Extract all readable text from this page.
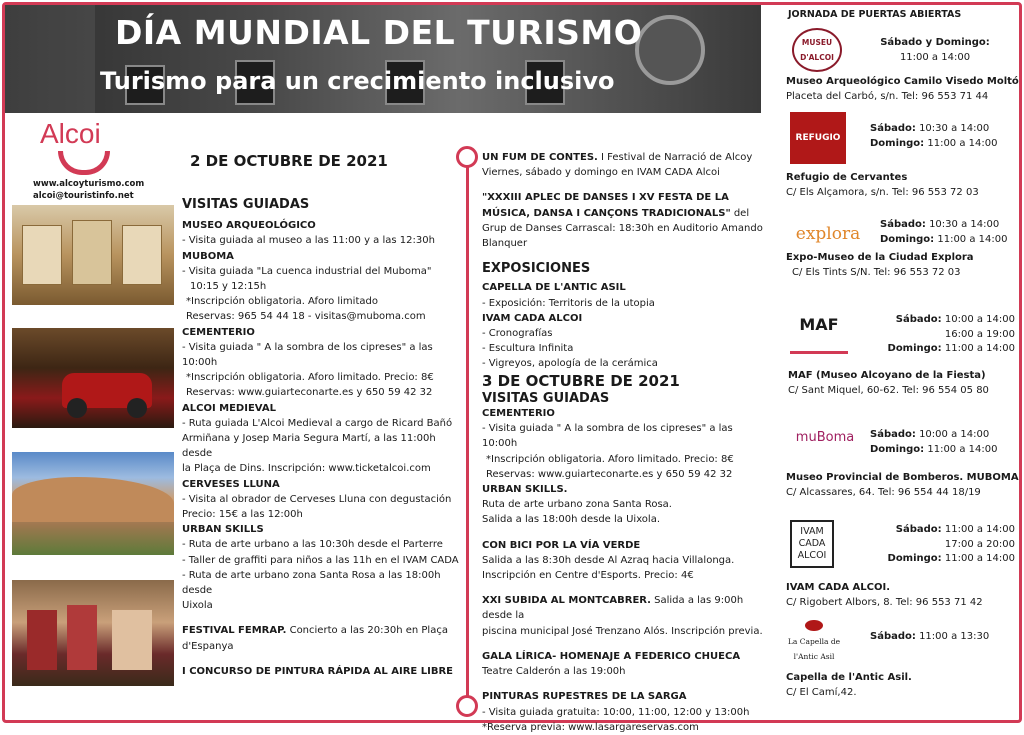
DÍA MUNDIAL DEL TURISMO
Turismo para un crecimiento inclusivo
Alcoi
www.alcoyturismo.com
alcoi@touristinfo.net
2 DE OCTUBRE DE 2021
VISITAS GUIADAS
MUSEO ARQUEOLÓGICO
- Visita guiada al museo a las 11:00 y a las 12:30h
MUBOMA
- Visita guiada "La cuenca industrial del Muboma"
10:15 y 12:15h
*Inscripción obligatoria. Aforo limitado
Reservas: 965 54 44 18 - visitas@muboma.com
CEMENTERIO
- Visita guiada " A la sombra de los cipreses" a las 10:00h
*Inscripción obligatoria. Aforo limitado. Precio: 8€
Reservas: www.guiarteconarte.es y 650 59 42 32
ALCOI MEDIEVAL
- Ruta guiada L'Alcoi Medieval a cargo de Ricard Bañó
Armiñana y Josep Maria Segura Martí, a las 11:00h desde
la Plaça de Dins. Inscripción: www.ticketalcoi.com
CERVESES LLUNA
- Visita al obrador de Cerveses Lluna con degustación
Precio: 15€ a las 12:00h
URBAN SKILLS
- Ruta de arte urbano a las 10:30h desde el Parterre
- Taller de graffiti para niños a las 11h en el IVAM CADA
- Ruta de arte urbano zona Santa Rosa a las 18:00h desde
Uixola
FESTIVAL FEMRAP. Concierto a las 20:30h en Plaça
d'Espanya
I CONCURSO DE PINTURA RÁPIDA AL AIRE LIBRE
UN FUM DE CONTES. I Festival de Narració de Alcoy
Viernes, sábado y domingo en IVAM CADA Alcoi
"XXXIII APLEC DE DANSES I XV FESTA DE LA MÚSICA, DANSA I CANÇONS TRADICIONALS" del Grup de Danses Carrascal: 18:30h en Auditorio Amando Blanquer
EXPOSICIONES
CAPELLA DE L'ANTIC ASIL
- Exposición: Territoris de la utopia
IVAM CADA ALCOI
- Cronografías
- Escultura Infinita
- Vigreyos, apología de la cerámica
3 DE OCTUBRE DE 2021
VISITAS GUIADAS
CEMENTERIO
- Visita guiada " A la sombra de los cipreses" a las 10:00h
*Inscripción obligatoria. Aforo limitado. Precio: 8€
Reservas: www.guiarteconarte.es y 650 59 42 32
URBAN SKILLS.
Ruta de arte urbano zona Santa Rosa.
Salida a las 18:00h desde la Uixola.
CON BICI POR LA VÍA VERDE
Salida a las 8:30h desde Al Azraq hacia Villalonga.
Inscripción en Centre d'Esports. Precio: 4€
XXI SUBIDA AL MONTCABRER. Salida a las 9:00h desde la
piscina municipal José Trenzano Alós. Inscripción previa.
GALA LÍRICA- HOMENAJE A FEDERICO CHUECA
Teatre Calderón a las 19:00h
PINTURAS RUPESTRES DE LA SARGA
- Visita guiada gratuita: 10:00, 11:00, 12:00 y 13:00h
*Reserva previa: www.lasargareservas.com
JORNADA DE PUERTAS ABIERTAS
MUSEU D'ALCOI
Sábado y Domingo:
11:00 a 14:00
Museo Arqueológico Camilo Visedo Moltó
Placeta del Carbó, s/n. Tel: 96 553 71 44
REFUGIO
Sábado: 10:30 a 14:00
Domingo: 11:00 a 14:00
Refugio de Cervantes
C/ Els Alçamora, s/n. Tel: 96 553 72 03
explora	Sábado: 10:30 a 14:00
Domingo: 11:00 a 14:00
Expo-Museo de la Ciudad Explora
C/ Els Tints S/N. Tel: 96 553 72 03
MAF	Sábado: 10:00 a 14:00
16:00 a 19:00
Domingo: 11:00 a 14:00
MAF (Museo Alcoyano de la Fiesta)
C/ Sant Miquel, 60-62. Tel: 96 554 05 80
muBoma	Sábado: 10:00 a 14:00
Domingo: 11:00 a 14:00
Museo Provincial de Bomberos. MUBOMA
C/ Alcassares, 64. Tel: 96 554 44 18/19
IVAM CADA ALCOI
Sábado: 11:00 a 14:00
17:00 a 20:00
Domingo: 11:00 a 14:00
IVAM CADA ALCOI.
C/ Rigobert Albors, 8. Tel: 96 553 71 42
La Capella de l'Antic Asil
Sábado: 11:00 a 13:30
Capella de l'Antic Asil.
C/ El Camí,42.
